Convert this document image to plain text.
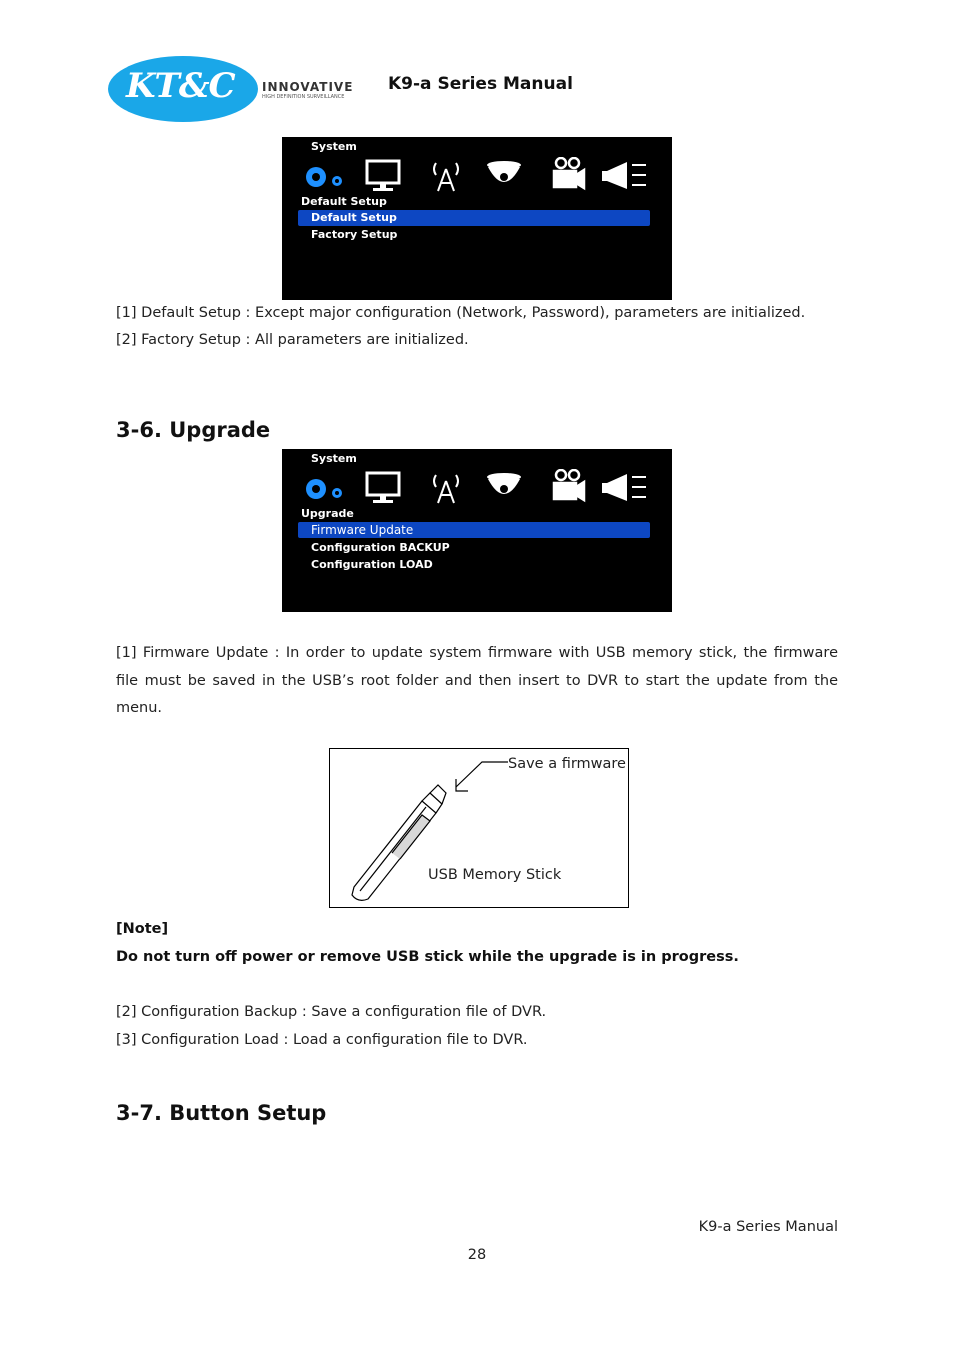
KT&C INNOVATIVE
HIGH DEFINITION SURVEILLANCE
K9-a Series Manual
System
Default Setup
Default Setup
Factory Setup
[1] Default Setup : Except major configuration (Network, Password), parameters are initialized.
[2] Factory Setup : All parameters are initialized.
3-6. Upgrade
System
Upgrade
Firmware Update
Configuration BACKUP
Configuration LOAD
[1] Firmware Update : In order to update system firmware with USB memory stick, the firmware file must be saved in the USB’s root folder and then insert to DVR to start the update from the menu.
Save a firmware
USB Memory Stick
[Note]
Do not turn off power or remove USB stick while the upgrade is in progress.
[2] Configuration Backup : Save a configuration file of DVR.
[3] Configuration Load : Load a configuration file to DVR.
3-7. Button Setup
K9-a Series Manual
28
